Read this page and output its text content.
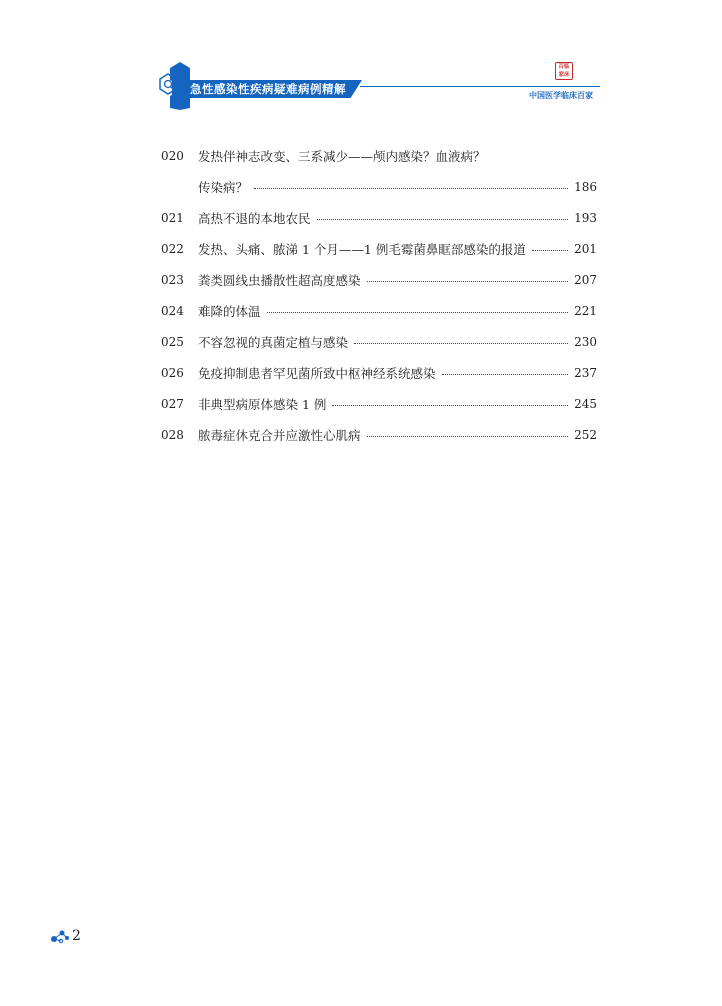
急性感染性疾病疑难病例精解
百临
家床
中国医学临床百家
020	发热伴神志改变、三系减少——颅内感染？血液病？
传染病？	186
021	高热不退的本地农民	193
022	发热、头痛、脓涕 1 个月——1 例毛霉菌鼻眶部感染的报道	201
023	粪类圆线虫播散性超高度感染	207
024	难降的体温	221
025	不容忽视的真菌定植与感染	230
026	免疫抑制患者罕见菌所致中枢神经系统感染	237
027	非典型病原体感染 1 例	245
028	脓毒症休克合并应激性心肌病	252
2
